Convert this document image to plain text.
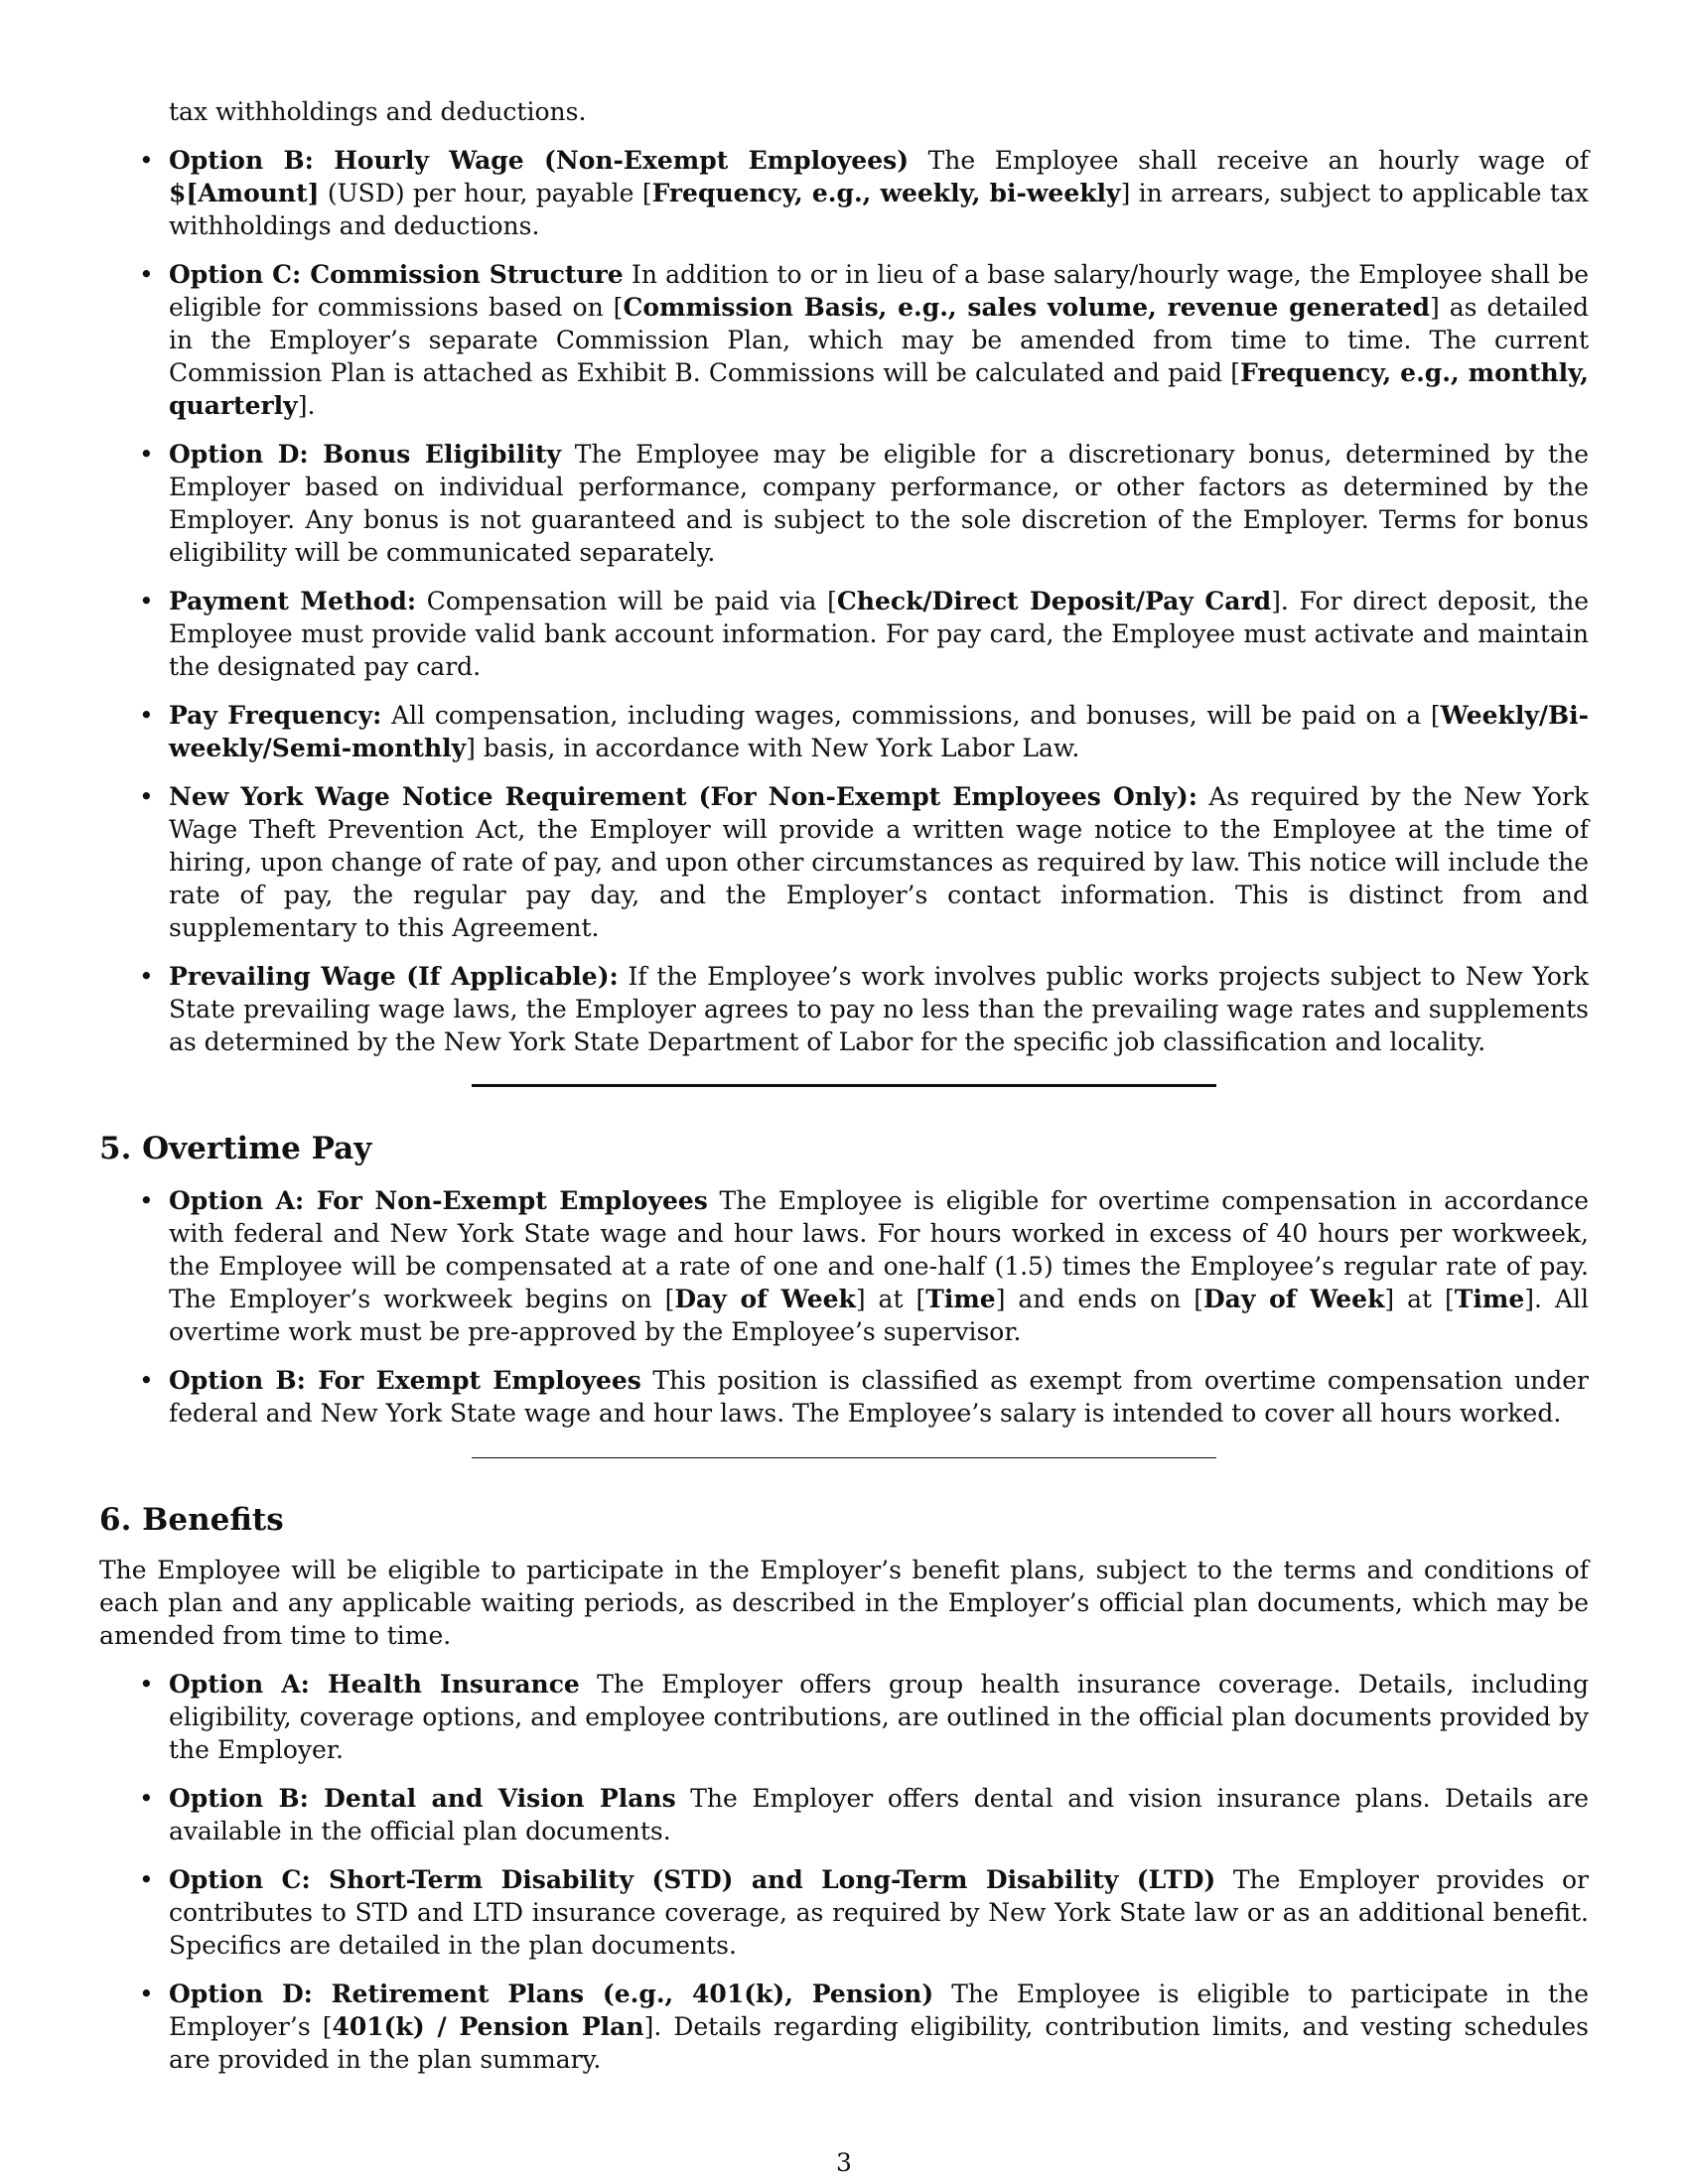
tax withholdings and deductions.
• Option B: Hourly Wage (Non-Exempt Employees) The Employee shall receive an hourly wage of $[Amount] (USD) per hour, payable [Frequency, e.g., weekly, bi-weekly] in arrears, subject to applicable tax withholdings and deductions.
• Option C: Commission Structure In addition to or in lieu of a base salary/hourly wage, the Employee shall be eligible for commissions based on [Commission Basis, e.g., sales volume, revenue generated] as detailed in the Employer’s separate Commission Plan, which may be amended from time to time. The current Commission Plan is attached as Exhibit B. Commissions will be calculated and paid [Frequency, e.g., monthly, quarterly].
• Option D: Bonus Eligibility The Employee may be eligible for a discretionary bonus, determined by the Employer based on individual performance, company performance, or other factors as determined by the Employer. Any bonus is not guaranteed and is subject to the sole discretion of the Employer. Terms for bonus eligibility will be communicated separately.
• Payment Method: Compensation will be paid via [Check/Direct Deposit/Pay Card]. For direct deposit, the Employee must provide valid bank account information. For pay card, the Employee must activate and maintain the designated pay card.
• Pay Frequency: All compensation, including wages, commissions, and bonuses, will be paid on a [Weekly/Bi-weekly/Semi-monthly] basis, in accordance with New York Labor Law.
• New York Wage Notice Requirement (For Non-Exempt Employees Only): As required by the New York Wage Theft Prevention Act, the Employer will provide a written wage notice to the Employee at the time of hiring, upon change of rate of pay, and upon other circumstances as required by law. This notice will include the rate of pay, the regular pay day, and the Employer’s contact information. This is distinct from and supplementary to this Agreement.
• Prevailing Wage (If Applicable): If the Employee’s work involves public works projects subject to New York State prevailing wage laws, the Employer agrees to pay no less than the prevailing wage rates and supplements as determined by the New York State Department of Labor for the specific job classification and locality.
5. Overtime Pay
• Option A: For Non-Exempt Employees The Employee is eligible for overtime compensation in accordance with federal and New York State wage and hour laws. For hours worked in excess of 40 hours per workweek, the Employee will be compensated at a rate of one and one-half (1.5) times the Employee’s regular rate of pay. The Employer’s workweek begins on [Day of Week] at [Time] and ends on [Day of Week] at [Time]. All overtime work must be pre-approved by the Employee’s supervisor.
• Option B: For Exempt Employees This position is classified as exempt from overtime compensation under federal and New York State wage and hour laws. The Employee’s salary is intended to cover all hours worked.
6. Benefits

The Employee will be eligible to participate in the Employer’s benefit plans, subject to the terms and conditions of each plan and any applicable waiting periods, as described in the Employer’s official plan documents, which may be amended from time to time.

• Option A: Health Insurance The Employer offers group health insurance coverage. Details, including eligibility, coverage options, and employee contributions, are outlined in the official plan documents provided by the Employer.
• Option B: Dental and Vision Plans The Employer offers dental and vision insurance plans. Details are available in the official plan documents.
• Option C: Short-Term Disability (STD) and Long-Term Disability (LTD) The Employer provides or contributes to STD and LTD insurance coverage, as required by New York State law or as an additional benefit. Specifics are detailed in the plan documents.
• Option D: Retirement Plans (e.g., 401(k), Pension) The Employee is eligible to participate in the Employer’s [401(k) / Pension Plan]. Details regarding eligibility, contribution limits, and vesting schedules are provided in the plan summary.
3
